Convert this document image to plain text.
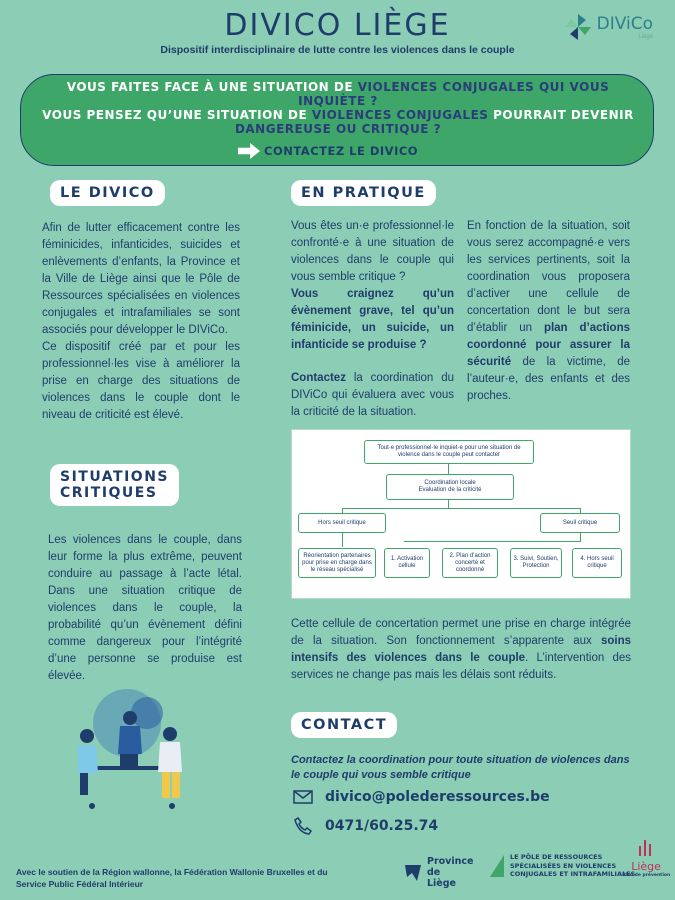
DIVICO LIÈGE
Dispositif interdisciplinaire de lutte contre les violences dans le couple
DIViCo
Liège
VOUS FAITES FACE À UNE SITUATION DE VIOLENCES CONJUGALES QUI VOUS INQUIÈTE ?
VOUS PENSEZ QU’UNE SITUATION DE VIOLENCES CONJUGALES POURRAIT DEVENIR DANGEREUSE OU CRITIQUE ?
CONTACTEZ LE DIVICO
LE DIVICO	EN PRATIQUE
SITUATIONS
CRITIQUES
CONTACT

Afin de lutter efficacement contre les féminicides, infanticides, suicides et enlèvements d’enfants, la Province et la Ville de Liège ainsi que le Pôle de Ressources spécialisées en violences conjugales et intrafamiliales se sont associés pour développer le DIViCo.

Ce dispositif créé par et pour les professionnel·les vise à améliorer la prise en charge des situations de violences dans le couple dont le niveau de criticité est élevé.

Vous êtes un·e professionnel·le confronté·e à une situation de violences dans le couple qui vous semble critique ?

Vous craignez qu’un évènement grave, tel qu’un féminicide, un suicide, un infanticide se produise ?

Contactez la coordination du DIViCo qui évaluera avec vous la criticité de la situation.

En fonction de la situation, soit vous serez accompagné·e vers les services pertinents, soit la coordination vous proposera d’activer une cellule de concertation dont le but sera d’établir un plan d’actions coordonné pour assurer la sécurité de la victime, de l’auteur·e, des enfants et des proches.

Tout·e professionnel·le inquiet·e pour une situation de violence dans le couple peut contacter
Coordination locale
Evaluation de la criticité
Hors seuil critique	Seuil critique
Réorientation partenaires pour prise en charge dans le réseau spécialisé
1. Activation cellule
2. Plan d’action concerté et coordonné
3. Suivi, Soutien, Protection
4. Hors seuil critique

Cette cellule de concertation permet une prise en charge intégrée de la situation. Son fonctionnement s’apparente aux soins intensifs des violences dans le couple. L’intervention des services ne change pas mais les délais sont réduits.

Les violences dans le couple, dans leur forme la plus extrême, peuvent conduire au passage à l’acte létal. Dans une situation critique de violences dans le couple, la probabilité qu’un évènement défini comme dangereux pour l’intégrité d’une personne se produise est élevée.

Contactez la coordination pour toute situation de violences dans le couple qui vous semble critique
divico@polederessources.be
0471/60.25.74
Avec le soutien de la Région wallonne, la Fédération Wallonie Bruxelles et du Service Public Fédéral Intérieur
Province de Liège
LE PÔLE DE RESSOURCES
SPÉCIALISÉES EN VIOLENCES
CONJUGALES ET INTRAFAMILIALES
Liège
Plan de prévention
